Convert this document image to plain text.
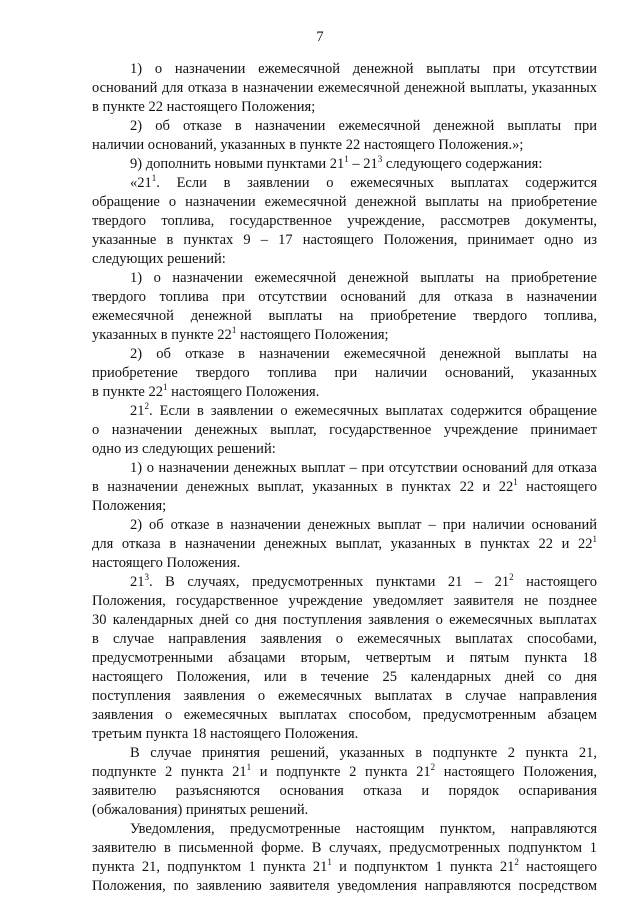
7
1) о назначении ежемесячной денежной выплаты при отсутствии
оснований для отказа в назначении ежемесячной денежной выплаты, указанных
в пункте 22 настоящего Положения;
2) об отказе в назначении ежемесячной денежной выплаты при
наличии оснований, указанных в пункте 22 настоящего Положения.»;
9) дополнить новыми пунктами $21^1 - 21^3$ следующего содержания:
«$21^1$. Если в заявлении о ежемесячных выплатах содержится
обращение о назначении ежемесячной денежной выплаты на приобретение
твердого топлива, государственное учреждение, рассмотрев документы,
указанные в пунктах 9 – 17 настоящего Положения, принимает одно из
следующих решений:
1) о назначении ежемесячной денежной выплаты на приобретение
твердого топлива при отсутствии оснований для отказа в назначении
ежемесячной денежной выплаты на приобретение твердого топлива,
указанных в пункте $22^1$ настоящего Положения;
2) об отказе в назначении ежемесячной денежной выплаты на
приобретение твердого топлива при наличии оснований, указанных
в пункте $22^1$ настоящего Положения.
$21^2$. Если в заявлении о ежемесячных выплатах содержится обращение
о назначении денежных выплат, государственное учреждение принимает
одно из следующих решений:
1) о назначении денежных выплат – при отсутствии оснований для отказа
в назначении денежных выплат, указанных в пунктах 22 и $22^1$ настоящего
Положения;
2) об отказе в назначении денежных выплат – при наличии оснований
для отказа в назначении денежных выплат, указанных в пунктах 22 и $22^1$
настоящего Положения.
$21^3$. В случаях, предусмотренных пунктами $21 - 21^2$ настоящего
Положения, государственное учреждение уведомляет заявителя не позднее
30 календарных дней со дня поступления заявления о ежемесячных выплатах
в случае направления заявления о ежемесячных выплатах способами,
предусмотренными абзацами вторым, четвертым и пятым пункта 18
настоящего Положения, или в течение 25 календарных дней со дня
поступления заявления о ежемесячных выплатах в случае направления
заявления о ежемесячных выплатах способом, предусмотренным абзацем
третьим пункта 18 настоящего Положения.
В случае принятия решений, указанных в подпункте 2 пункта 21,
подпункте 2 пункта $21^1$ и подпункте 2 пункта $21^2$ настоящего Положения,
заявителю разъясняются основания отказа и порядок оспаривания
(обжалования) принятых решений.
Уведомления, предусмотренные настоящим пунктом, направляются
заявителю в письменной форме. В случаях, предусмотренных подпунктом 1
пункта 21, подпунктом 1 пункта $21^1$ и подпунктом 1 пункта $21^2$ настоящего
Положения, по заявлению заявителя уведомления направляются посредством
